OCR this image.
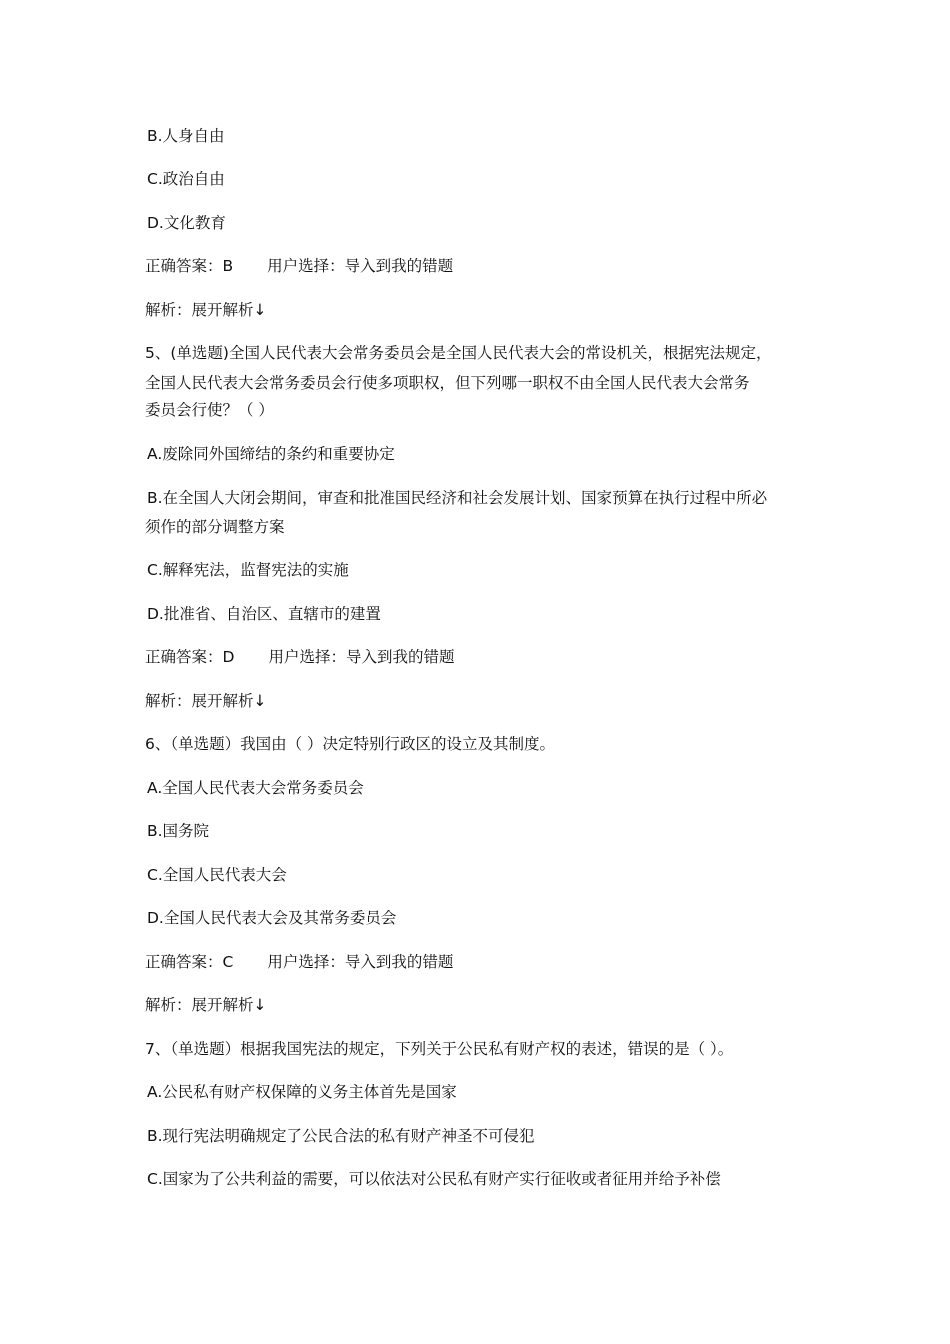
B.人身自由
C.政治自由
D.文化教育
正确答案：B 用户选择：导入到我的错题
解析：展开解析↓
5、(单选题)全国人民代表大会常务委员会是全国人民代表大会的常设机关，根据宪法规定，
全国人民代表大会常务委员会行使多项职权，但下列哪一职权不由全国人民代表大会常务
委员会行使？（ ）
A.废除同外国缔结的条约和重要协定
B.在全国人大闭会期间，审查和批准国民经济和社会发展计划、国家预算在执行过程中所必
须作的部分调整方案
C.解释宪法，监督宪法的实施
D.批准省、自治区、直辖市的建置
正确答案：D 用户选择：导入到我的错题
解析：展开解析↓
6、（单选题）我国由（ ）决定特别行政区的设立及其制度。
A.全国人民代表大会常务委员会
B.国务院
C.全国人民代表大会
D.全国人民代表大会及其常务委员会
正确答案：C 用户选择：导入到我的错题
解析：展开解析↓
7、（单选题）根据我国宪法的规定，下列关于公民私有财产权的表述，错误的是（ ）。
A.公民私有财产权保障的义务主体首先是国家
B.现行宪法明确规定了公民合法的私有财产神圣不可侵犯
C.国家为了公共利益的需要，可以依法对公民私有财产实行征收或者征用并给予补偿
